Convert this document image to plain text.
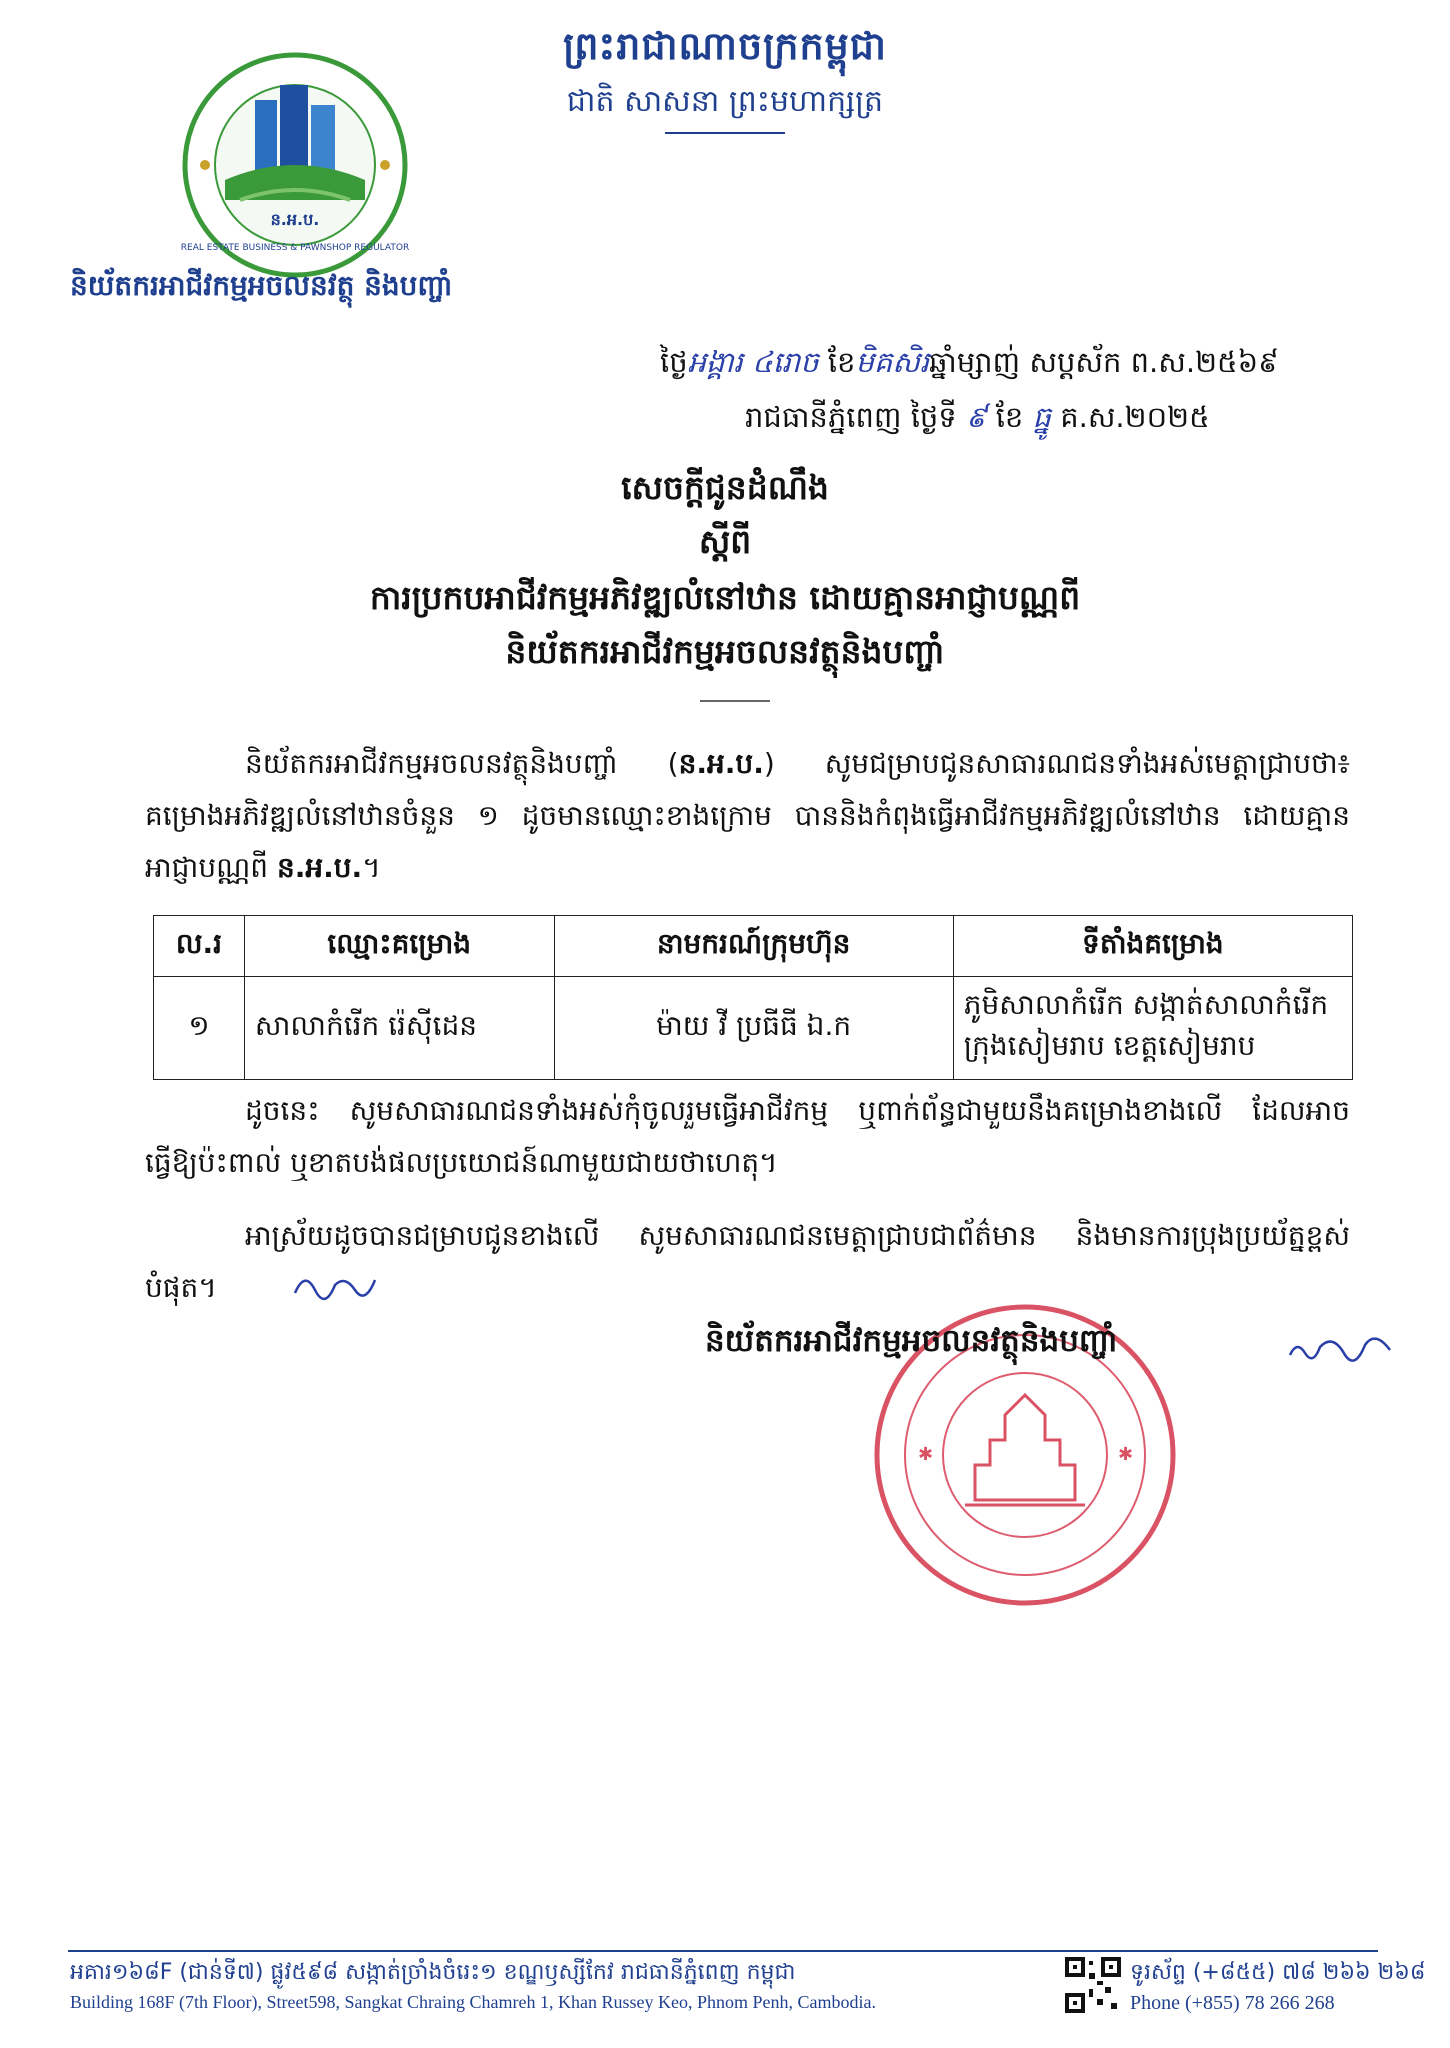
ព្រះរាជាណាចក្រកម្ពុជា
ជាតិ សាសនា ព្រះមហាក្សត្រ
ន.អ.ប.
REAL ESTATE BUSINESS & PAWNSHOP REGULATOR
និយ័តករអាជីវកម្មអចលនវត្ថុ និងបញ្ចាំ
ថ្ងៃអង្គារ ៤រោច ខែមិគសិរឆ្នាំម្សាញ់ សប្តស័ក ព.ស.២៥៦៩
រាជធានីភ្នំពេញ ថ្ងៃទី ៩ ខែ ធ្នូ គ.ស.២០២៥
សេចក្តីជូនដំណឹង
ស្តីពី
ការប្រកបអាជីវកម្មអភិវឌ្ឍលំនៅឋាន ដោយគ្មានអាជ្ញាបណ្ណពី
និយ័តករអាជីវកម្មអចលនវត្ថុនិងបញ្ចាំ
និយ័តករអាជីវកម្មអចលនវត្ថុនិងបញ្ចាំ (ន.អ.ប.) សូមជម្រាបជូនសាធារណជនទាំងអស់មេត្តាជ្រាបថា៖ គម្រោងអភិវឌ្ឍលំនៅឋានចំនួន ១ ដូចមានឈ្មោះខាងក្រោម បាននិងកំពុងធ្វើអាជីវកម្មអភិវឌ្ឍលំនៅឋាន ដោយគ្មានអាជ្ញាបណ្ណពី ន.អ.ប.។
ល.រ	ឈ្មោះគម្រោង	នាមករណ៍ក្រុមហ៊ុន	ទីតាំងគម្រោង
១	សាលាកំរើក រ៉េស៊ីដេន	ម៉ាយ វី ប្រធីធី ឯ.ក	ភូមិសាលាកំរើក សង្កាត់សាលាកំរើក ក្រុងសៀមរាប ខេត្តសៀមរាប
ដូចនេះ សូមសាធារណជនទាំងអស់កុំចូលរួមធ្វើអាជីវកម្ម ឬពាក់ព័ន្ធជាមួយនឹងគម្រោងខាងលើ ដែលអាចធ្វើឱ្យប៉ះពាល់ ឬខាតបង់ផលប្រយោជន៍ណាមួយជាយថាហេតុ។
អាស្រ័យដូចបានជម្រាបជូនខាងលើ សូមសាធារណជនមេត្តាជ្រាបជាព័ត៌មាន និងមានការប្រុងប្រយ័ត្នខ្ពស់បំផុត។
✱	✱
និយ័តករអាជីវកម្មអចលនវត្ថុនិងបញ្ចាំ
អគារ១៦៨F (ជាន់ទី៧) ផ្លូវ៥៩៨ សង្កាត់ច្រាំងចំរេះ១ ខណ្ឌឫស្សីកែវ រាជធានីភ្នំពេញ កម្ពុជា
Building 168F (7th Floor), Street598, Sangkat Chraing Chamreh 1, Khan Russey Keo, Phnom Penh, Cambodia.
ទូរស័ព្ទ (+៨៥៥) ៧៨ ២៦៦ ២៦៨
Phone (+855) 78 266 268
